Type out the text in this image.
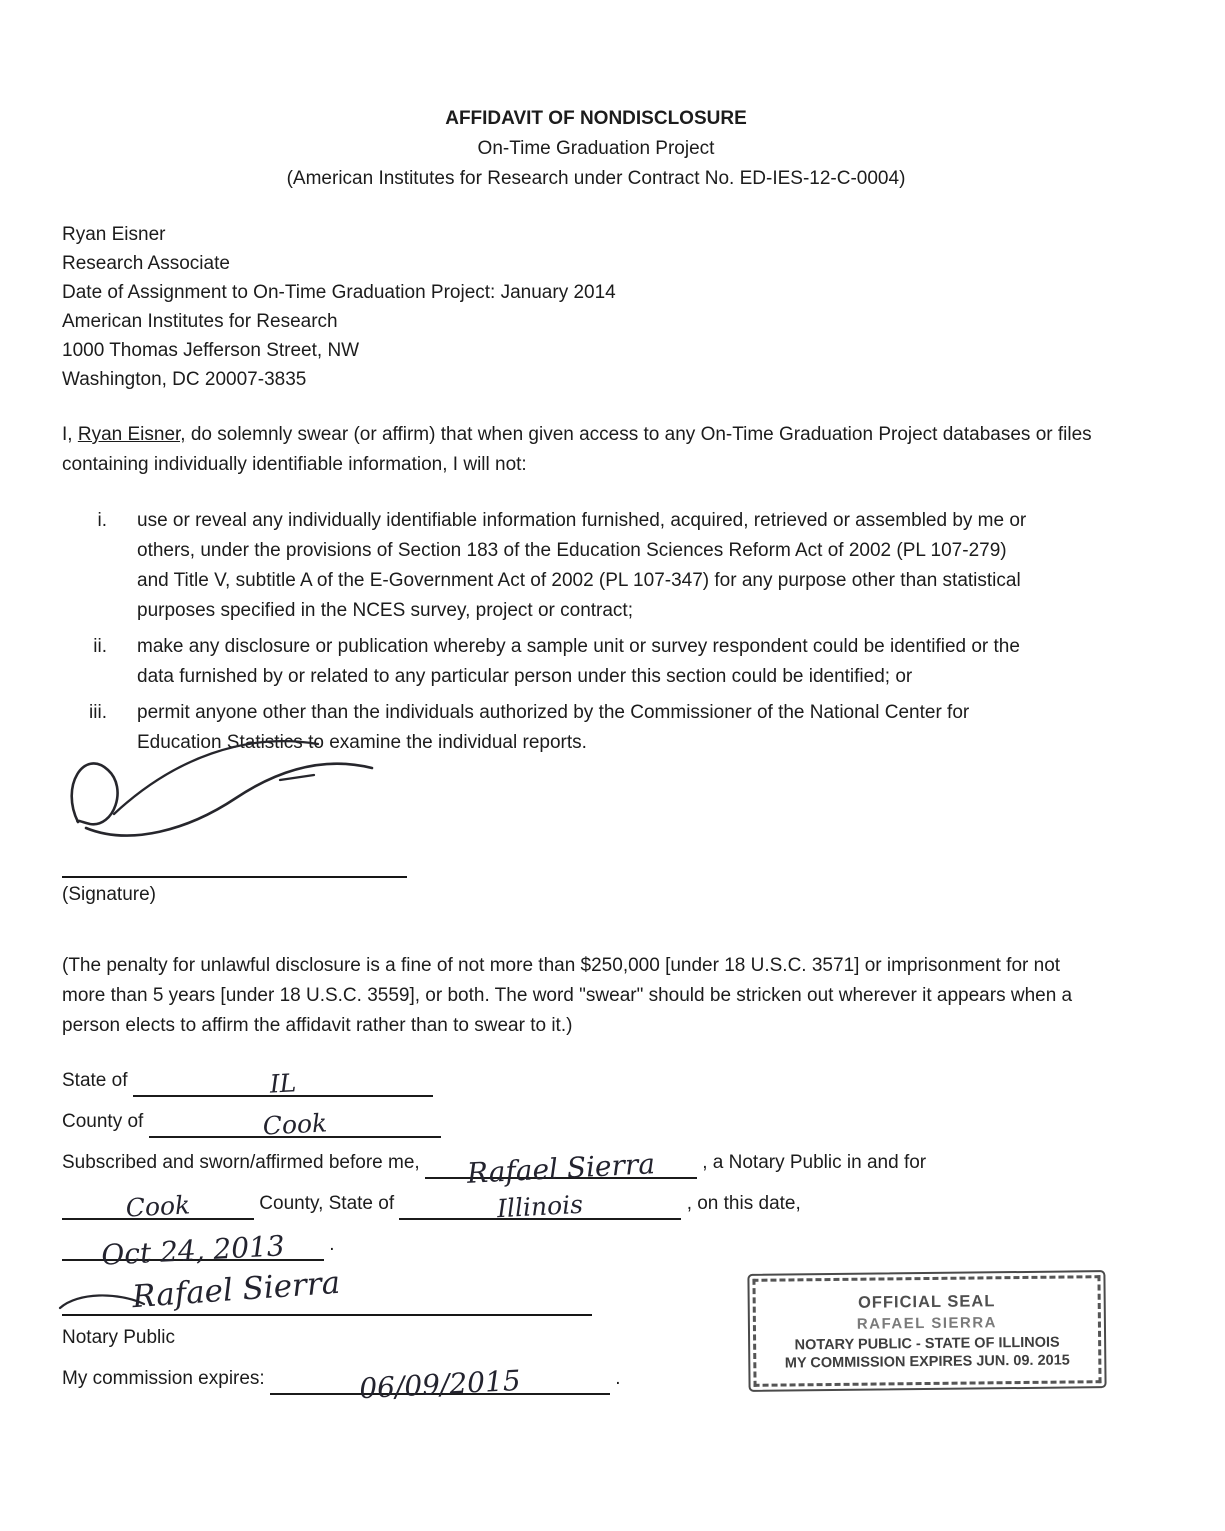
AFFIDAVIT OF NONDISCLOSURE
On-Time Graduation Project
(American Institutes for Research under Contract No. ED-IES-12-C-0004)
Ryan Eisner
Research Associate
Date of Assignment to On-Time Graduation Project: January 2014
American Institutes for Research
1000 Thomas Jefferson Street, NW
Washington, DC 20007-3835

I, Ryan Eisner, do solemnly swear (or affirm) that when given access to any On-Time Graduation Project databases or files containing individually identifiable information, I will not:

i. use or reveal any individually identifiable information furnished, acquired, retrieved or assembled by me or others, under the provisions of Section 183 of the Education Sciences Reform Act of 2002 (PL 107-279) and Title V, subtitle A of the E-Government Act of 2002 (PL 107-347) for any purpose other than statistical purposes specified in the NCES survey, project or contract;
ii. make any disclosure or publication whereby a sample unit or survey respondent could be identified or the data furnished by or related to any particular person under this section could be identified; or
iii. permit anyone other than the individuals authorized by the Commissioner of the National Center for Education Statistics to examine the individual reports.
(Signature)

(The penalty for unlawful disclosure is a fine of not more than $250,000 [under 18 U.S.C. 3571] or imprisonment for not more than 5 years [under 18 U.S.C. 3559], or both. The word "swear" should be stricken out wherever it appears when a person elects to affirm the affidavit rather than to swear to it.)

State of	IL
County of	Cook
Subscribed and sworn/affirmed before me, Rafael Sierra , a Notary Public in and for
Cook	County, State of	Illinois	, on this date,
Oct 24, 2013 .
Rafael Sierra
Notary Public
My commission expires:	06/09/2015	.
OFFICIAL SEAL
RAFAEL SIERRA
NOTARY PUBLIC - STATE OF ILLINOIS
MY COMMISSION EXPIRES JUN. 09. 2015
